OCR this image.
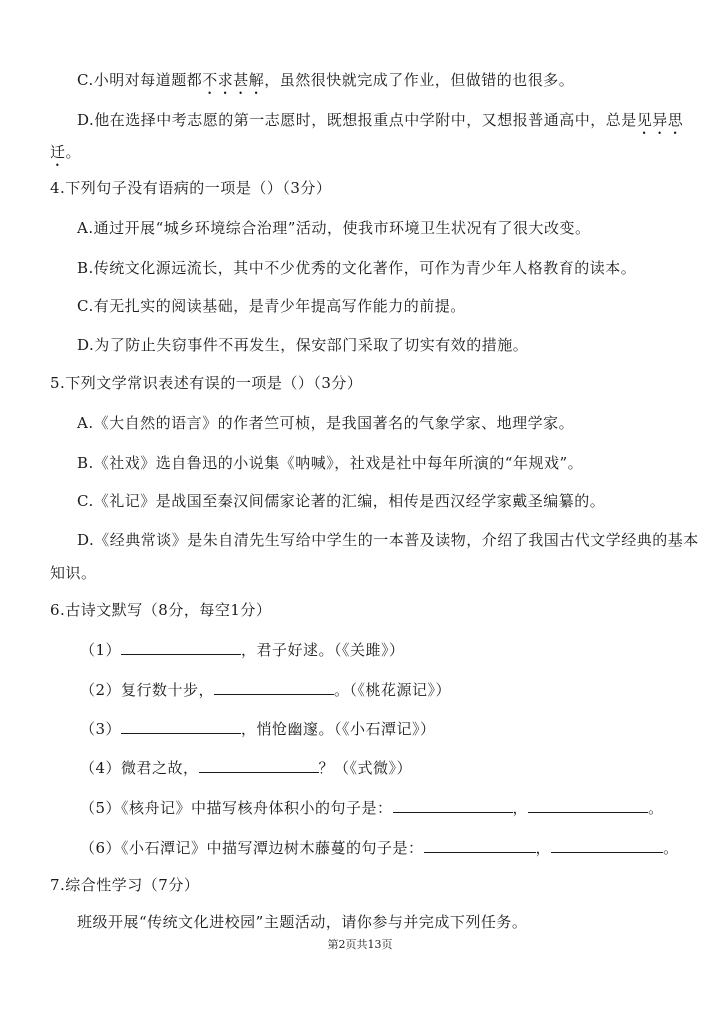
C.小明对每道题都不求甚解，虽然很快就完成了作业，但做错的也很多。
D.他在选择中考志愿的第一志愿时，既想报重点中学附中，又想报普通高中，总是见异思
迁。
4.下列句子没有语病的一项是（）（3分）
A.通过开展“城乡环境综合治理”活动，使我市环境卫生状况有了很大改变。
B.传统文化源远流长，其中不少优秀的文化著作，可作为青少年人格教育的读本。
C.有无扎实的阅读基础，是青少年提高写作能力的前提。
D.为了防止失窃事件不再发生，保安部门采取了切实有效的措施。
5.下列文学常识表述有误的一项是（）（3分）
A.《大自然的语言》的作者竺可桢，是我国著名的气象学家、地理学家。
B.《社戏》选自鲁迅的小说集《呐喊》，社戏是社中每年所演的“年规戏”。
C.《礼记》是战国至秦汉间儒家论著的汇编，相传是西汉经学家戴圣编纂的。
D.《经典常谈》是朱自清先生写给中学生的一本普及读物，介绍了我国古代文学经典的基本
知识。
6.古诗文默写（8分，每空1分）
（1）	，君子好逑。（《关雎》）
（2）复行数十步，	。（《桃花源记》）
（3）	，悄怆幽邃。（《小石潭记》）
（4）微君之故，	？（《式微》）
（5）《核舟记》中描写核舟体积小的句子是：	，	。
（6）《小石潭记》中描写潭边树木藤蔓的句子是：	，	。
7.综合性学习（7分）
班级开展“传统文化进校园”主题活动，请你参与并完成下列任务。
第2页共13页
